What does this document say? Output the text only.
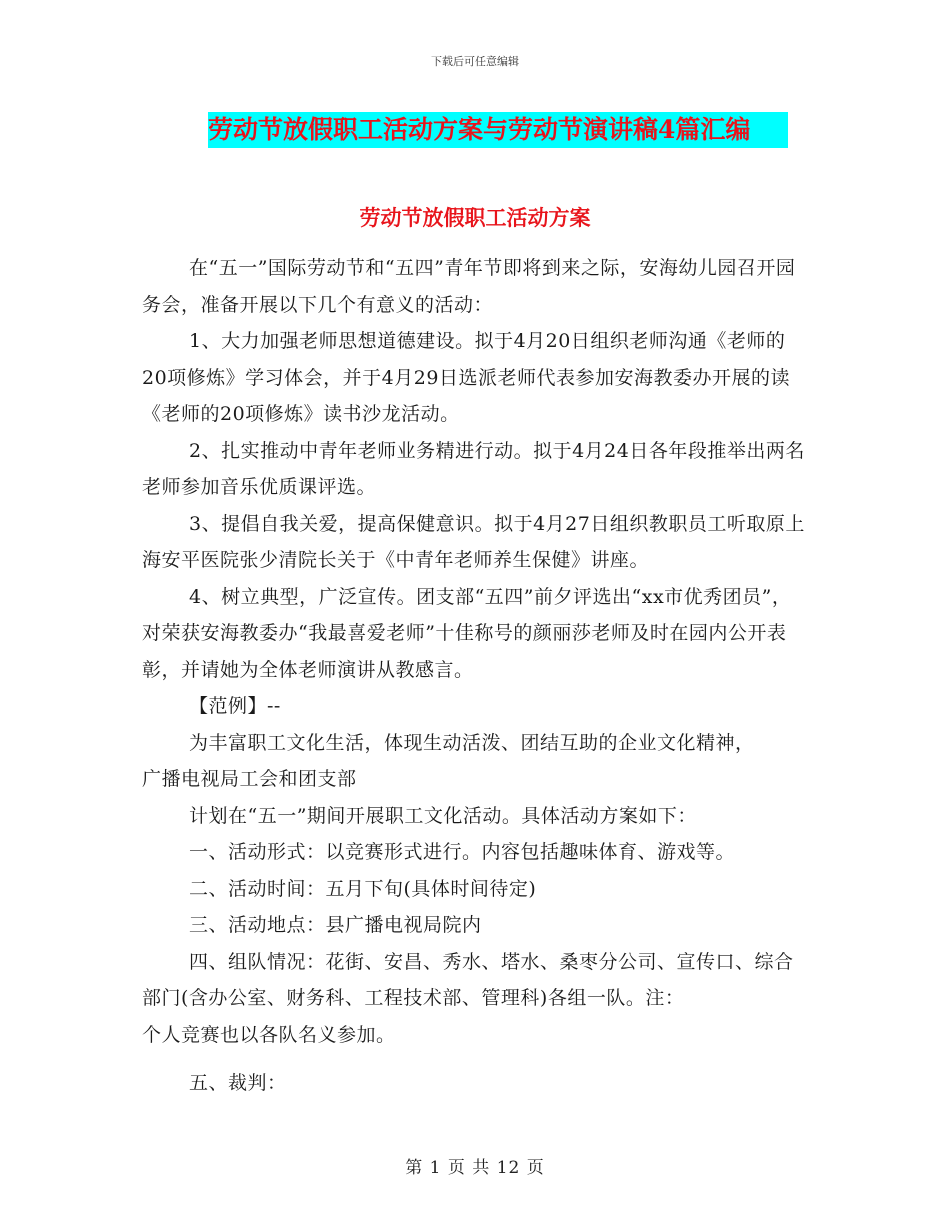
下载后可任意编辑
劳动节放假职工活动方案与劳动节演讲稿4篇汇编
劳动节放假职工活动方案

在“五一”国际劳动节和“五四”青年节即将到来之际，安海幼儿园召开园务会，准备开展以下几个有意义的活动：

1、大力加强老师思想道德建设。拟于4月20日组织老师沟通《老师的20项修炼》学习体会，并于4月29日选派老师代表参加安海教委办开展的读《老师的20项修炼》读书沙龙活动。

2、扎实推动中青年老师业务精进行动。拟于4月24日各年段推举出两名老师参加音乐优质课评选。

3、提倡自我关爱，提高保健意识。拟于4月27日组织教职员工听取原上海安平医院张少清院长关于《中青年老师养生保健》讲座。

4、树立典型，广泛宣传。团支部“五四”前夕评选出“xx市优秀团员”，对荣获安海教委办“我最喜爱老师”十佳称号的颜丽莎老师及时在园内公开表彰，并请她为全体老师演讲从教感言。

【范例】--

为丰富职工文化生活，体现生动活泼、团结互助的企业文化精神，

广播电视局工会和团支部

计划在“五一”期间开展职工文化活动。具体活动方案如下：

一、活动形式：以竞赛形式进行。内容包括趣味体育、游戏等。

二、活动时间：五月下旬(具体时间待定)

三、活动地点：县广播电视局院内

四、组队情况：花街、安昌、秀水、塔水、桑枣分公司、宣传口、综合部门(含办公室、财务科、工程技术部、管理科)各组一队。注：

个人竞赛也以各队名义参加。

五、裁判：

第 1 页 共 12 页
